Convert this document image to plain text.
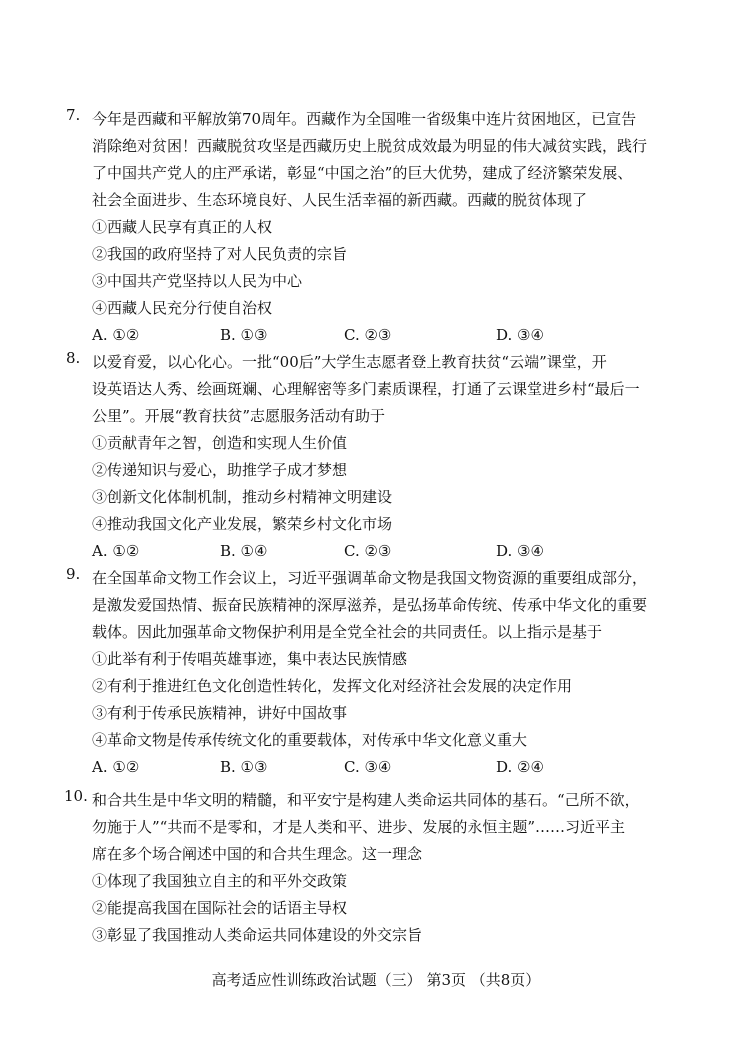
7. 今年是西藏和平解放第70周年。西藏作为全国唯一省级集中连片贫困地区，已宣告
消除绝对贫困！西藏脱贫攻坚是西藏历史上脱贫成效最为明显的伟大减贫实践，践行
了中国共产党人的庄严承诺，彰显“中国之治”的巨大优势，建成了经济繁荣发展、
社会全面进步、生态环境良好、人民生活幸福的新西藏。西藏的脱贫体现了
①西藏人民享有真正的人权
②我国的政府坚持了对人民负责的宗旨
③中国共产党坚持以人民为中心
④西藏人民充分行使自治权
A. ①②	B. ①③	C. ②③	D. ③④
8. 以爱育爱，以心化心。一批“00后”大学生志愿者登上教育扶贫“云端”课堂，开
设英语达人秀、绘画斑斓、心理解密等多门素质课程，打通了云课堂进乡村“最后一
公里”。开展“教育扶贫”志愿服务活动有助于
①贡献青年之智，创造和实现人生价值
②传递知识与爱心，助推学子成才梦想
③创新文化体制机制，推动乡村精神文明建设
④推动我国文化产业发展，繁荣乡村文化市场
A. ①②	B. ①④	C. ②③	D. ③④
9. 在全国革命文物工作会议上，习近平强调革命文物是我国文物资源的重要组成部分，
是激发爱国热情、振奋民族精神的深厚滋养，是弘扬革命传统、传承中华文化的重要
载体。因此加强革命文物保护利用是全党全社会的共同责任。以上指示是基于
①此举有利于传唱英雄事迹，集中表达民族情感
②有利于推进红色文化创造性转化，发挥文化对经济社会发展的决定作用
③有利于传承民族精神，讲好中国故事
④革命文物是传承传统文化的重要载体，对传承中华文化意义重大
A. ①②	B. ①③	C. ③④	D. ②④
10. 和合共生是中华文明的精髓，和平安宁是构建人类命运共同体的基石。“己所不欲，
勿施于人”“共而不是零和，才是人类和平、进步、发展的永恒主题”……习近平主
席在多个场合阐述中国的和合共生理念。这一理念
①体现了我国独立自主的和平外交政策
②能提高我国在国际社会的话语主导权
③彰显了我国推动人类命运共同体建设的外交宗旨
高考适应性训练政治试题（三） 第3页 （共8页）
